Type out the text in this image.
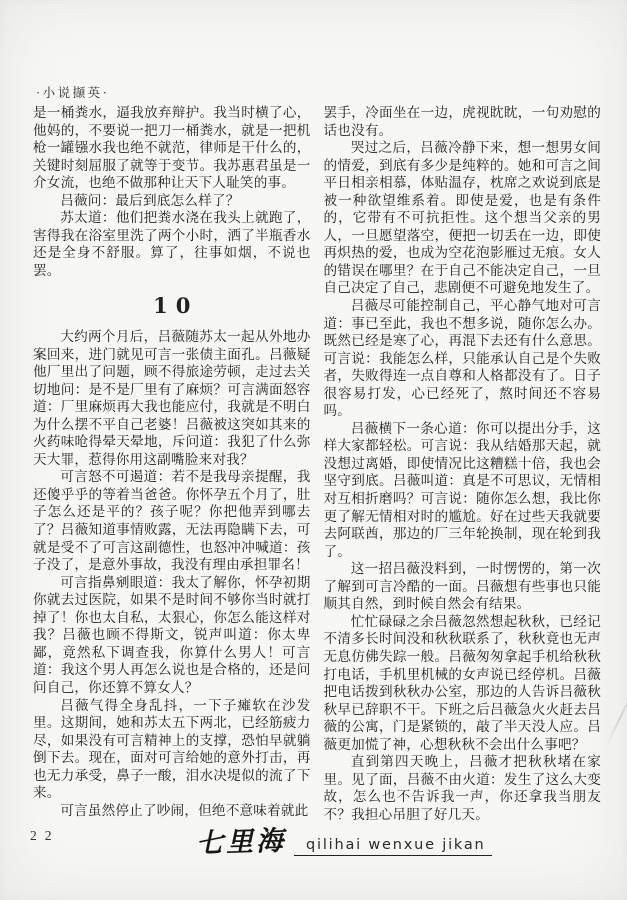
·小说撷英·

是一桶粪水，逼我放弃辩护。我当时横了心，他妈的，不要说一把刀一桶粪水，就是一把机枪一罐镪水我也绝不就范，律师是干什么的，关键时刻屈服了就等于变节。我苏惠君虽是一介女流，也绝不做那种让天下人耻笑的事。

吕薇问：最后到底怎么样了？

苏太道：他们把粪水浇在我头上就跑了，害得我在浴室里洗了两个小时，洒了半瓶香水还是全身不舒服。算了，往事如烟，不说也罢。

10

大约两个月后，吕薇随苏太一起从外地办案回来，进门就见可言一张债主面孔。吕薇疑他厂里出了问题，顾不得旅途劳顿，走过去关切地问：是不是厂里有了麻烦？可言满面怒容道：厂里麻烦再大我也能应付，我就是不明白为什么摆不平自己老婆！吕薇被这突如其来的火药味呛得晕天晕地，斥问道：我犯了什么弥天大罪，惹得你用这副嘴脸来对我？

可言怒不可遏道：若不是我母亲提醒，我还傻乎乎的等着当爸爸。你怀孕五个月了，肚子怎么还是平的？孩子呢？你把他弄到哪去了？吕薇知道事情败露，无法再隐瞒下去，可就是受不了可言这副德性，也怒冲冲喊道：孩子没了，是意外事故，我没有理由承担罪名！

可言指鼻剜眼道：我太了解你，怀孕初期你就去过医院，如果不是时间不够你当时就打掉了！你也太自私，太狠心，你怎么能这样对我？吕薇也顾不得斯文，锐声叫道：你太卑鄙，竟然私下调查我，你算什么男人！可言道：我这个男人再怎么说也是合格的，还是问问自己，你还算不算女人？

吕薇气得全身乱抖，一下子瘫软在沙发里。这期间，她和苏太五下两北，已经筋疲力尽，如果没有可言精神上的支撑，恐怕早就躺倒下去。现在，面对可言给她的意外打击，再也无力承受，鼻子一酸，泪水决堤似的流了下来。

可言虽然停止了吵闹，但绝不意味着就此

罢手，冷面坐在一边，虎视眈眈，一句劝慰的话也没有。

哭过之后，吕薇冷静下来，想一想男女间的情爱，到底有多少是纯粹的。她和可言之间平日相亲相慕，体贴温存，枕席之欢说到底是被一种欲望维系着。即使是爱，也是有条件的，它带有不可抗拒性。这个想当父亲的男人，一旦愿望落空，便把一切丢在一边，即使再炽热的爱，也成为空花泡影雁过无痕。女人的错误在哪里？在于自己不能决定自己，一旦自己决定了自己，悲剧便不可避免地发生了。

吕薇尽可能控制自己，平心静气地对可言道：事已至此，我也不想多说，随你怎么办。既然已经是寒了心，再混下去还有什么意思。可言说：我能怎么样，只能承认自己是个失败者，失败得连一点自尊和人格都没有了。日子很容易打发，心已经死了，熬时间还不容易吗。

吕薇横下一条心道：你可以提出分手，这样大家都轻松。可言说：我从结婚那天起，就没想过离婚，即使情况比这糟糕十倍，我也会坚守到底。吕薇叫道：真是不可思议，无情相对互相折磨吗？可言说：随你怎么想，我比你更了解无情相对时的尴尬。好在过些天我就要去阿联酋，那边的厂三年轮换制，现在轮到我了。

这一招吕薇没料到，一时愣愣的，第一次了解到可言冷酷的一面。吕薇想有些事也只能顺其自然，到时候自然会有结果。

忙忙碌碌之余吕薇忽然想起秋秋，已经记不清多长时间没和秋秋联系了，秋秋竟也无声无息仿佛失踪一般。吕薇匆匆拿起手机给秋秋打电话，手机里机械的女声说已经停机。吕薇把电话拨到秋秋办公室，那边的人告诉吕薇秋秋早已辞职不干。下班之后吕薇急火火赶去吕薇的公寓，门是紧锁的，敲了半天没人应。吕薇更加慌了神，心想秋秋不会出什么事吧？

直到第四天晚上，吕薇才把秋秋堵在家里。见了面，吕薇不由火道：发生了这么大变故，怎么也不告诉我一声，你还拿我当朋友不？我担心吊胆了好几天。

22	七里海	qilihai wenxue jikan
